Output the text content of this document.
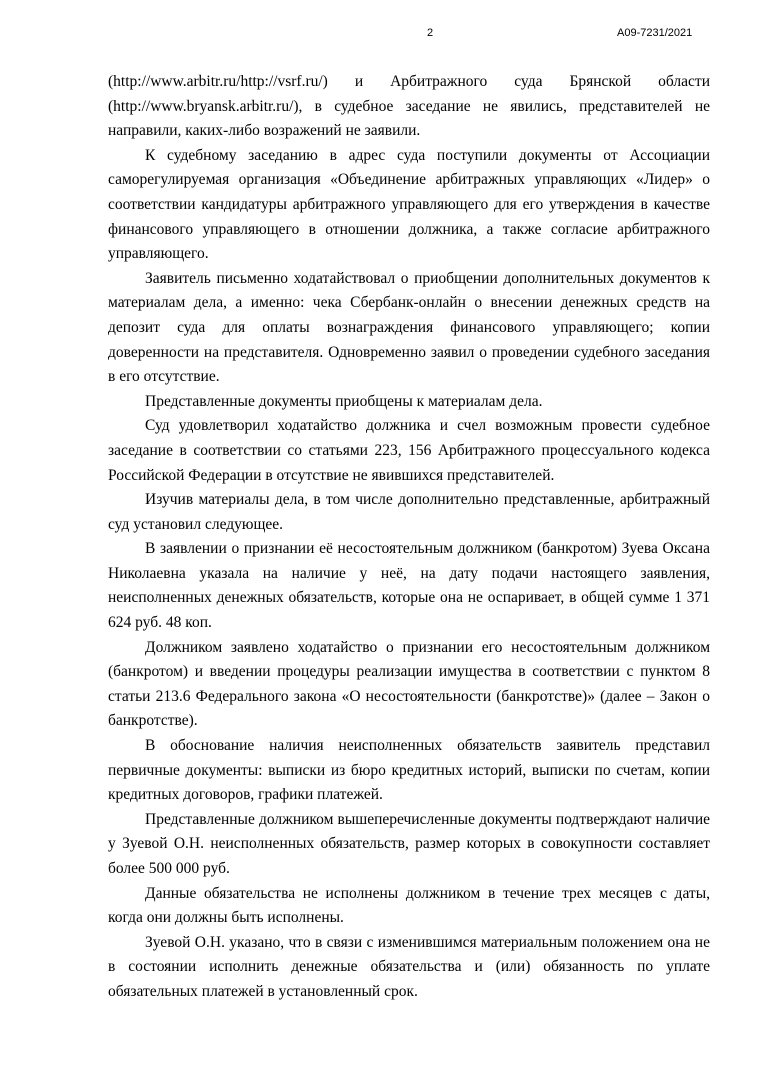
2	А09-7231/2021

(http://www.arbitr.ru/http://vsrf.ru/) и Арбитражного суда Брянской области (http://www.bryansk.arbitr.ru/), в судебное заседание не явились, представителей не направили, каких-либо возражений не заявили.

К судебному заседанию в адрес суда поступили документы от Ассоциации саморегулируемая организация «Объединение арбитражных управляющих «Лидер» о соответствии кандидатуры арбитражного управляющего для его утверждения в качестве финансового управляющего в отношении должника, а также согласие арбитражного управляющего.

Заявитель письменно ходатайствовал о приобщении дополнительных документов к материалам дела, а именно: чека Сбербанк-онлайн о внесении денежных средств на депозит суда для оплаты вознаграждения финансового управляющего; копии доверенности на представителя. Одновременно заявил о проведении судебного заседания в его отсутствие.

Представленные документы приобщены к материалам дела.

Суд удовлетворил ходатайство должника и счел возможным провести судебное заседание в соответствии со статьями 223, 156 Арбитражного процессуального кодекса Российской Федерации в отсутствие не явившихся представителей.

Изучив материалы дела, в том числе дополнительно представленные, арбитражный суд установил следующее.

В заявлении о признании её несостоятельным должником (банкротом) Зуева Оксана Николаевна указала на наличие у неё, на дату подачи настоящего заявления, неисполненных денежных обязательств, которые она не оспаривает, в общей сумме 1 371 624 руб. 48 коп.

Должником заявлено ходатайство о признании его несостоятельным должником (банкротом) и введении процедуры реализации имущества в соответствии с пунктом 8 статьи 213.6 Федерального закона «О несостоятельности (банкротстве)» (далее – Закон о банкротстве).

В обоснование наличия неисполненных обязательств заявитель представил первичные документы: выписки из бюро кредитных историй, выписки по счетам, копии кредитных договоров, графики платежей.

Представленные должником вышеперечисленные документы подтверждают наличие у Зуевой О.Н. неисполненных обязательств, размер которых в совокупности составляет более 500 000 руб.

Данные обязательства не исполнены должником в течение трех месяцев с даты, когда они должны быть исполнены.

Зуевой О.Н. указано, что в связи с изменившимся материальным положением она не в состоянии исполнить денежные обязательства и (или) обязанность по уплате обязательных платежей в установленный срок.
